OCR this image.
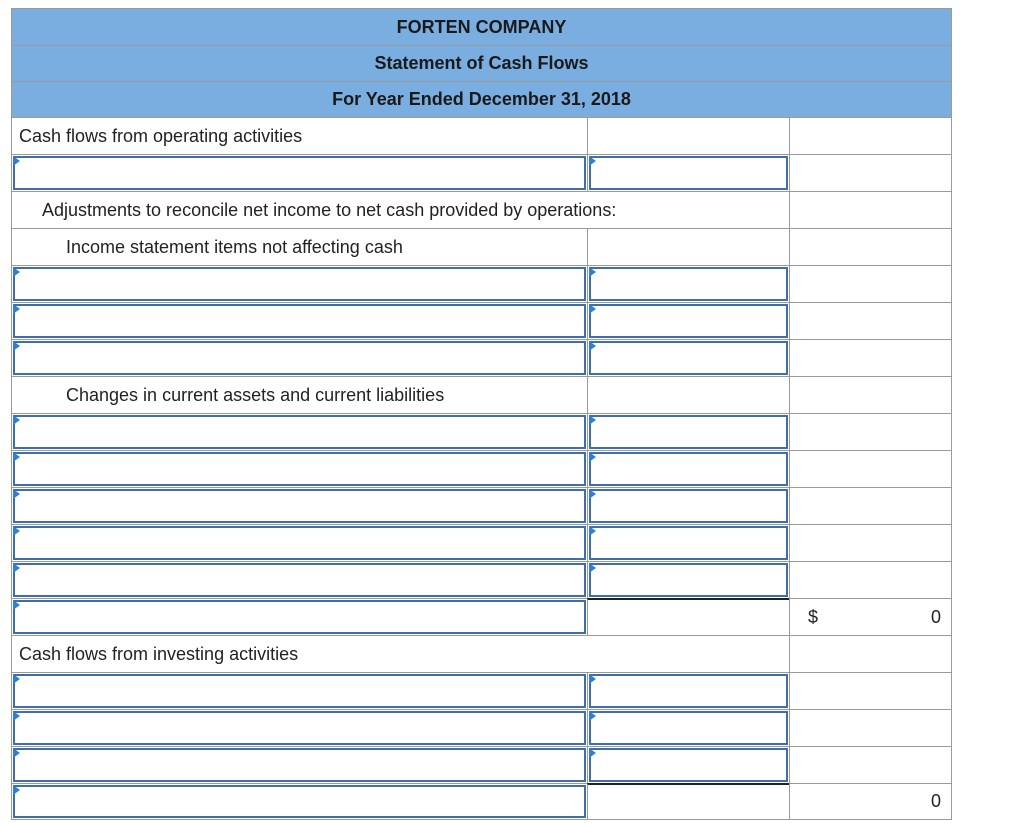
FORTEN COMPANY
Statement of Cash Flows
For Year Ended December 31, 2018
Cash flows from operating activities
Adjustments to reconcile net income to net cash provided by operations:
Income statement items not affecting cash
Changes in current assets and current liabilities
$	0
Cash flows from investing activities
0
